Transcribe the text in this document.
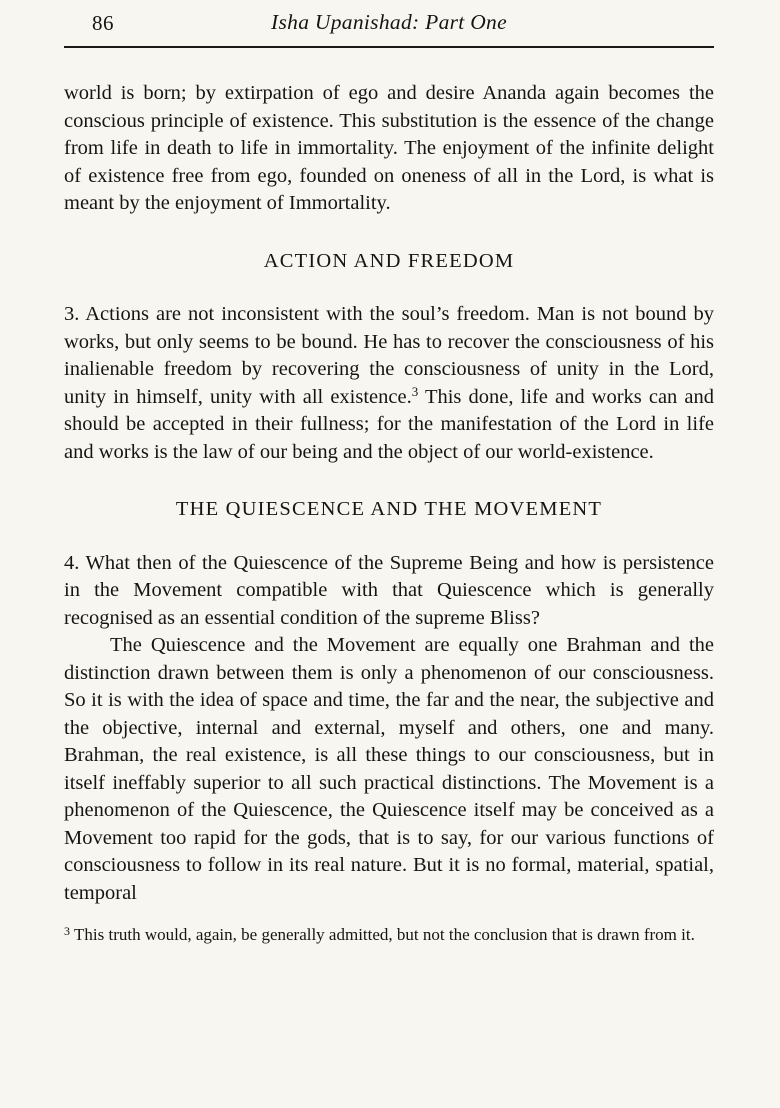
86	Isha Upanishad: Part One

world is born; by extirpation of ego and desire Ananda again becomes the conscious principle of existence. This substitution is the essence of the change from life in death to life in immortality. The enjoyment of the infinite delight of existence free from ego, founded on oneness of all in the Lord, is what is meant by the enjoyment of Immortality.

ACTION AND FREEDOM

3. Actions are not inconsistent with the soul’s freedom. Man is not bound by works, but only seems to be bound. He has to recover the consciousness of his inalienable freedom by recovering the consciousness of unity in the Lord, unity in himself, unity with all existence.$^3$ This done, life and works can and should be accepted in their fullness; for the manifestation of the Lord in life and works is the law of our being and the object of our world-existence.

THE QUIESCENCE AND THE MOVEMENT

4. What then of the Quiescence of the Supreme Being and how is persistence in the Movement compatible with that Quiescence which is generally recognised as an essential condition of the supreme Bliss?

The Quiescence and the Movement are equally one Brahman and the distinction drawn between them is only a phenomenon of our consciousness. So it is with the idea of space and time, the far and the near, the subjective and the objective, internal and external, myself and others, one and many. Brahman, the real existence, is all these things to our consciousness, but in itself ineffably superior to all such practical distinctions. The Movement is a phenomenon of the Quiescence, the Quiescence itself may be conceived as a Movement too rapid for the gods, that is to say, for our various functions of consciousness to follow in its real nature. But it is no formal, material, spatial, temporal

$^3$ This truth would, again, be generally admitted, but not the conclusion that is drawn from it.
